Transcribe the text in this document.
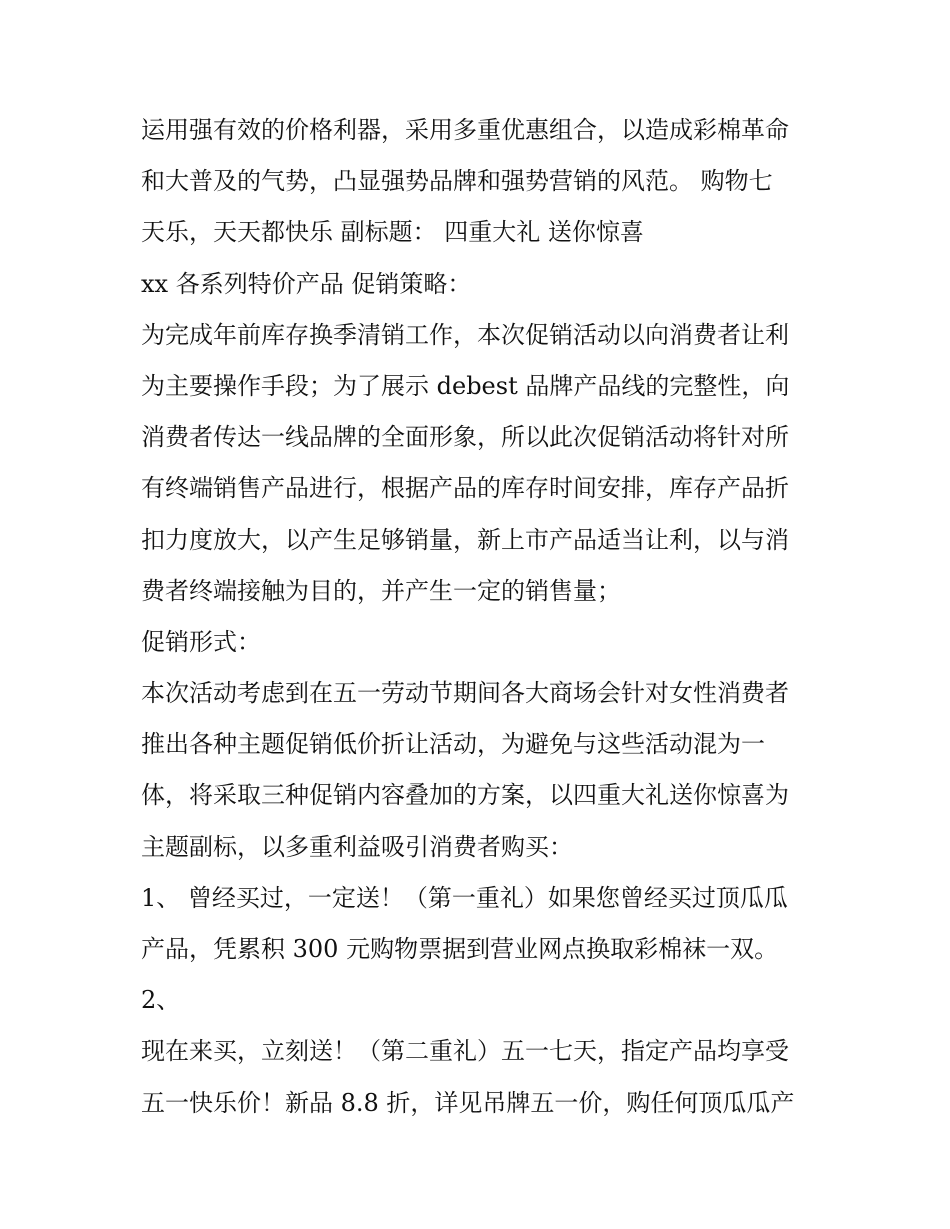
运用强有效的价格利器，采用多重优惠组合，以造成彩棉革命
和大普及的气势，凸显强势品牌和强势营销的风范。 购物七
天乐，天天都快乐 副标题： 四重大礼 送你惊喜
xx 各系列特价产品 促销策略：
为完成年前库存换季清销工作，本次促销活动以向消费者让利
为主要操作手段；为了展示 debest 品牌产品线的完整性，向
消费者传达一线品牌的全面形象，所以此次促销活动将针对所
有终端销售产品进行，根据产品的库存时间安排，库存产品折
扣力度放大，以产生足够销量，新上市产品适当让利，以与消
费者终端接触为目的，并产生一定的销售量；
促销形式：
本次活动考虑到在五一劳动节期间各大商场会针对女性消费者
推出各种主题促销低价折让活动，为避免与这些活动混为一
体，将采取三种促销内容叠加的方案，以四重大礼送你惊喜为
主题副标，以多重利益吸引消费者购买：
1、 曾经买过，一定送！（第一重礼）如果您曾经买过顶瓜瓜
产品，凭累积 300 元购物票据到营业网点换取彩棉袜一双。
2、
现在来买，立刻送！（第二重礼）五一七天，指定产品均享受
五一快乐价！新品 8.8 折，详见吊牌五一价，购任何顶瓜瓜产
